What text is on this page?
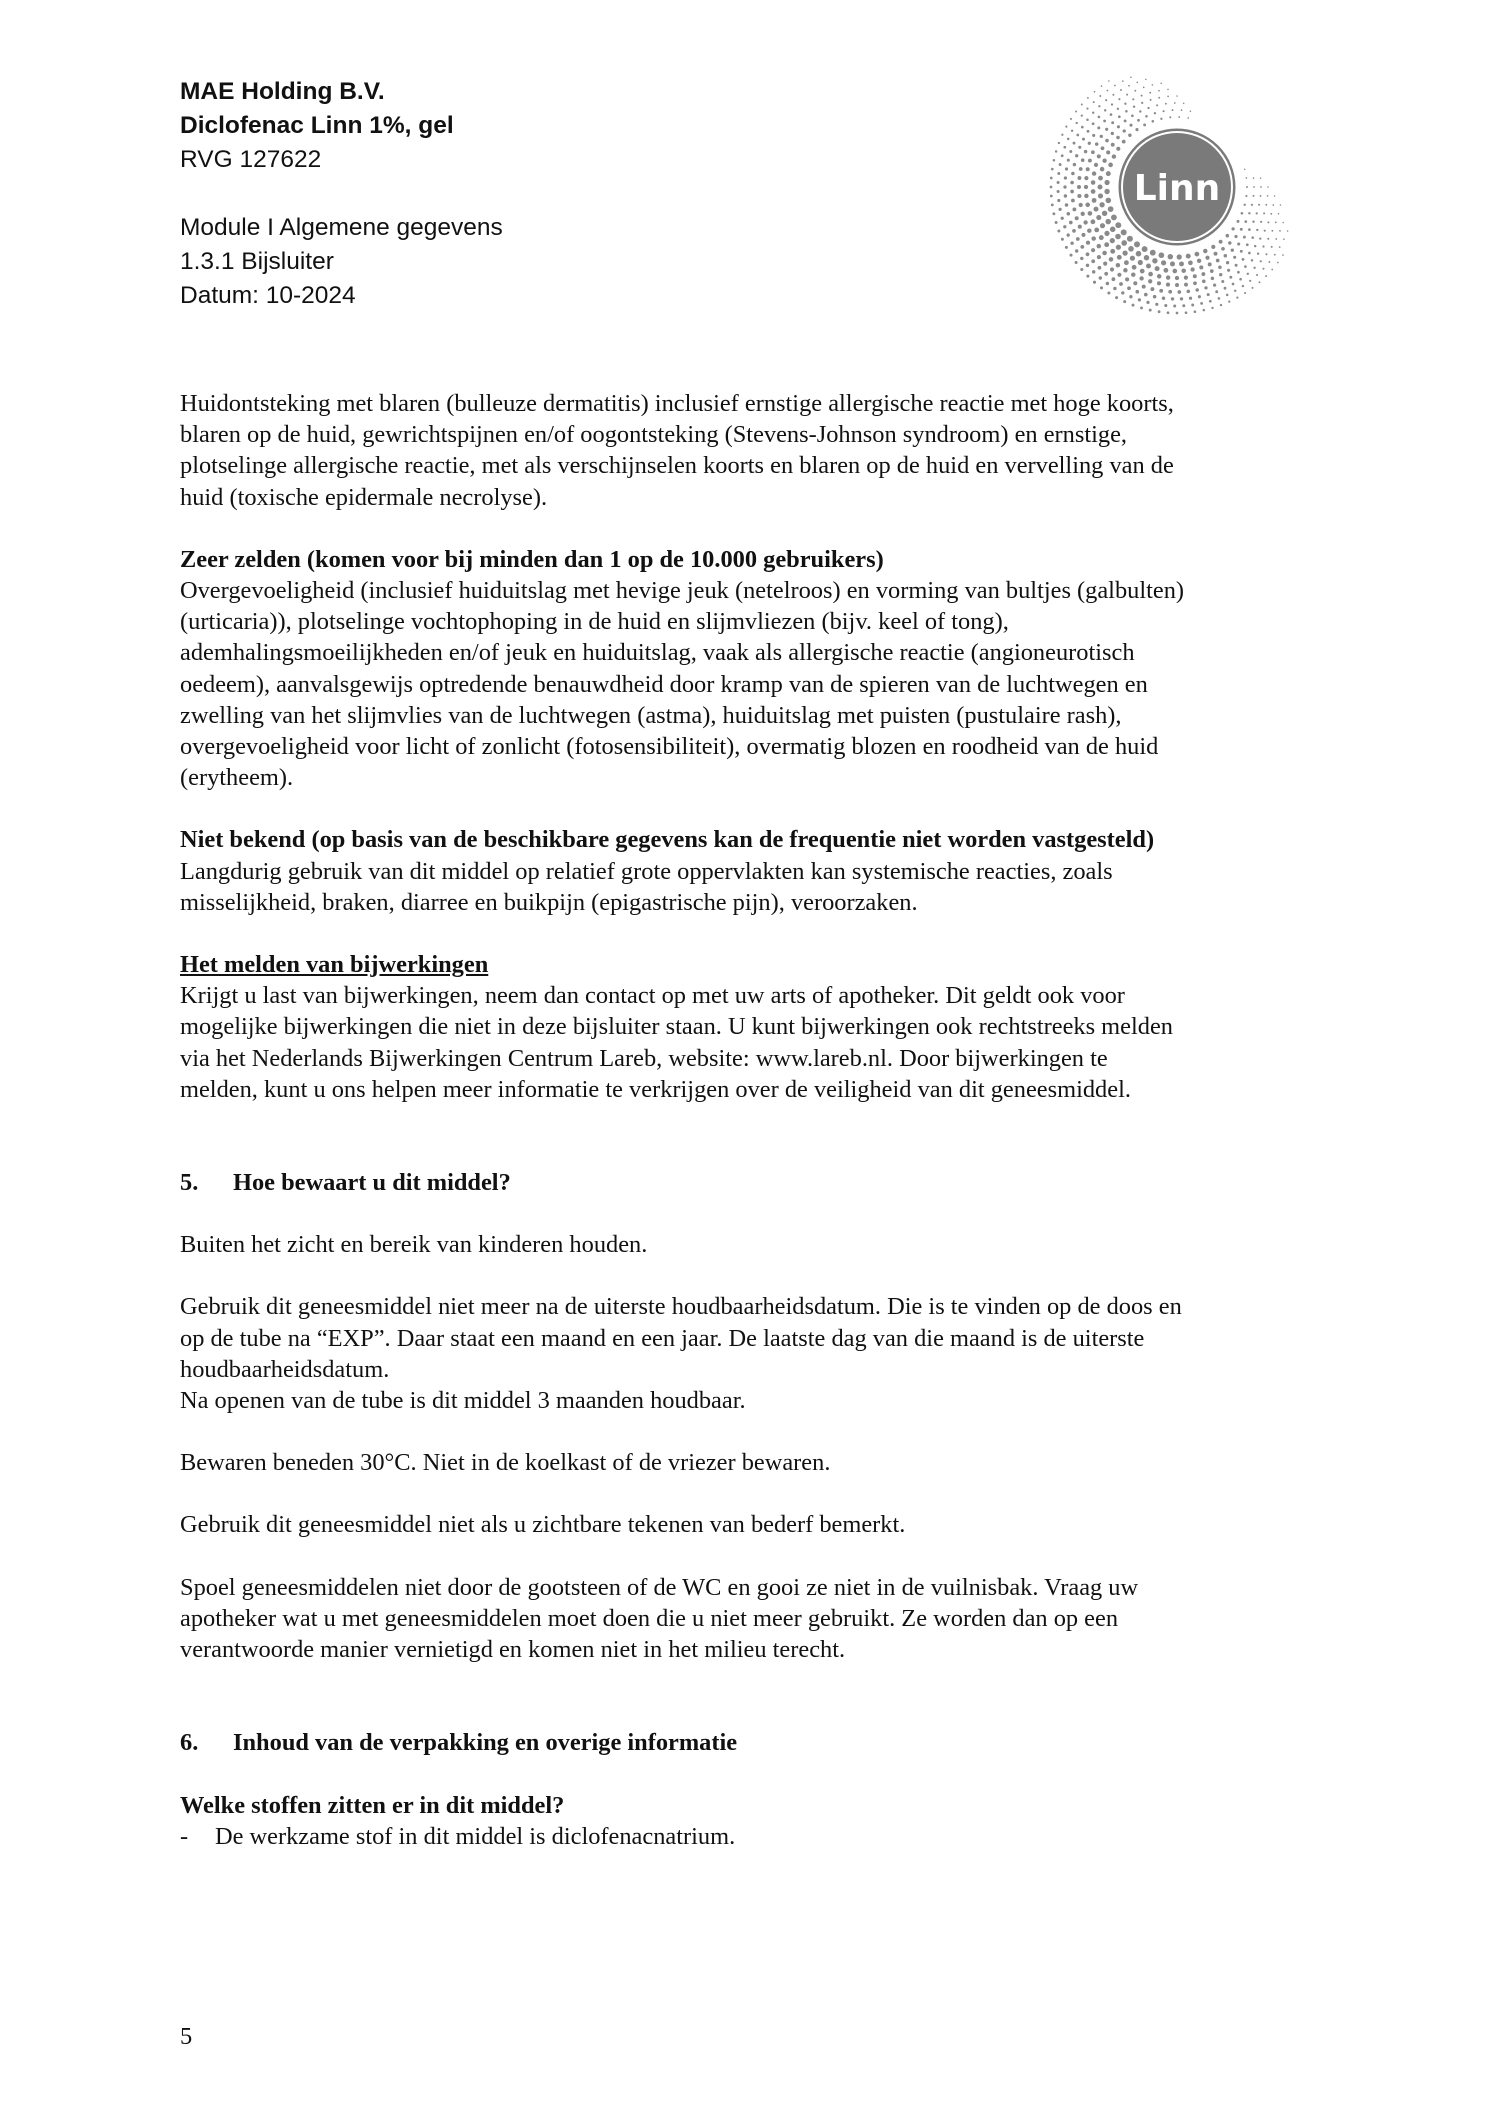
MAE Holding B.V.
Diclofenac Linn 1%, gel
RVG 127622
Module I Algemene gegevens
1.3.1 Bijsluiter
Datum: 10-2024
Linn

Huidontsteking met blaren (bulleuze dermatitis) inclusief ernstige allergische reactie met hoge koorts,

blaren op de huid, gewrichtspijnen en/of oogontsteking (Stevens-Johnson syndroom) en ernstige,

plotselinge allergische reactie, met als verschijnselen koorts en blaren op de huid en vervelling van de

huid (toxische epidermale necrolyse).

Zeer zelden (komen voor bij minden dan 1 op de 10.000 gebruikers)

Overgevoeligheid (inclusief huiduitslag met hevige jeuk (netelroos) en vorming van bultjes (galbulten)

(urticaria)), plotselinge vochtophoping in de huid en slijmvliezen (bijv. keel of tong),

ademhalingsmoeilijkheden en/of jeuk en huiduitslag, vaak als allergische reactie (angioneurotisch

oedeem), aanvalsgewijs optredende benauwdheid door kramp van de spieren van de luchtwegen en

zwelling van het slijmvlies van de luchtwegen (astma), huiduitslag met puisten (pustulaire rash),

overgevoeligheid voor licht of zonlicht (fotosensibiliteit), overmatig blozen en roodheid van de huid

(erytheem).

Niet bekend (op basis van de beschikbare gegevens kan de frequentie niet worden vastgesteld)

Langdurig gebruik van dit middel op relatief grote oppervlakten kan systemische reacties, zoals

misselijkheid, braken, diarree en buikpijn (epigastrische pijn), veroorzaken.

Het melden van bijwerkingen

Krijgt u last van bijwerkingen, neem dan contact op met uw arts of apotheker. Dit geldt ook voor

mogelijke bijwerkingen die niet in deze bijsluiter staan. U kunt bijwerkingen ook rechtstreeks melden

via het Nederlands Bijwerkingen Centrum Lareb, website: www.lareb.nl. Door bijwerkingen te

melden, kunt u ons helpen meer informatie te verkrijgen over de veiligheid van dit geneesmiddel.

5.	Hoe bewaart u dit middel?

Buiten het zicht en bereik van kinderen houden.

Gebruik dit geneesmiddel niet meer na de uiterste houdbaarheidsdatum. Die is te vinden op de doos en

op de tube na “EXP”. Daar staat een maand en een jaar. De laatste dag van die maand is de uiterste

houdbaarheidsdatum.

Na openen van de tube is dit middel 3 maanden houdbaar.

Bewaren beneden 30°C. Niet in de koelkast of de vriezer bewaren.

Gebruik dit geneesmiddel niet als u zichtbare tekenen van bederf bemerkt.

Spoel geneesmiddelen niet door de gootsteen of de WC en gooi ze niet in de vuilnisbak. Vraag uw

apotheker wat u met geneesmiddelen moet doen die u niet meer gebruikt. Ze worden dan op een

verantwoorde manier vernietigd en komen niet in het milieu terecht.

6.	Inhoud van de verpakking en overige informatie

Welke stoffen zitten er in dit middel?

-	De werkzame stof in dit middel is diclofenacnatrium.
5
